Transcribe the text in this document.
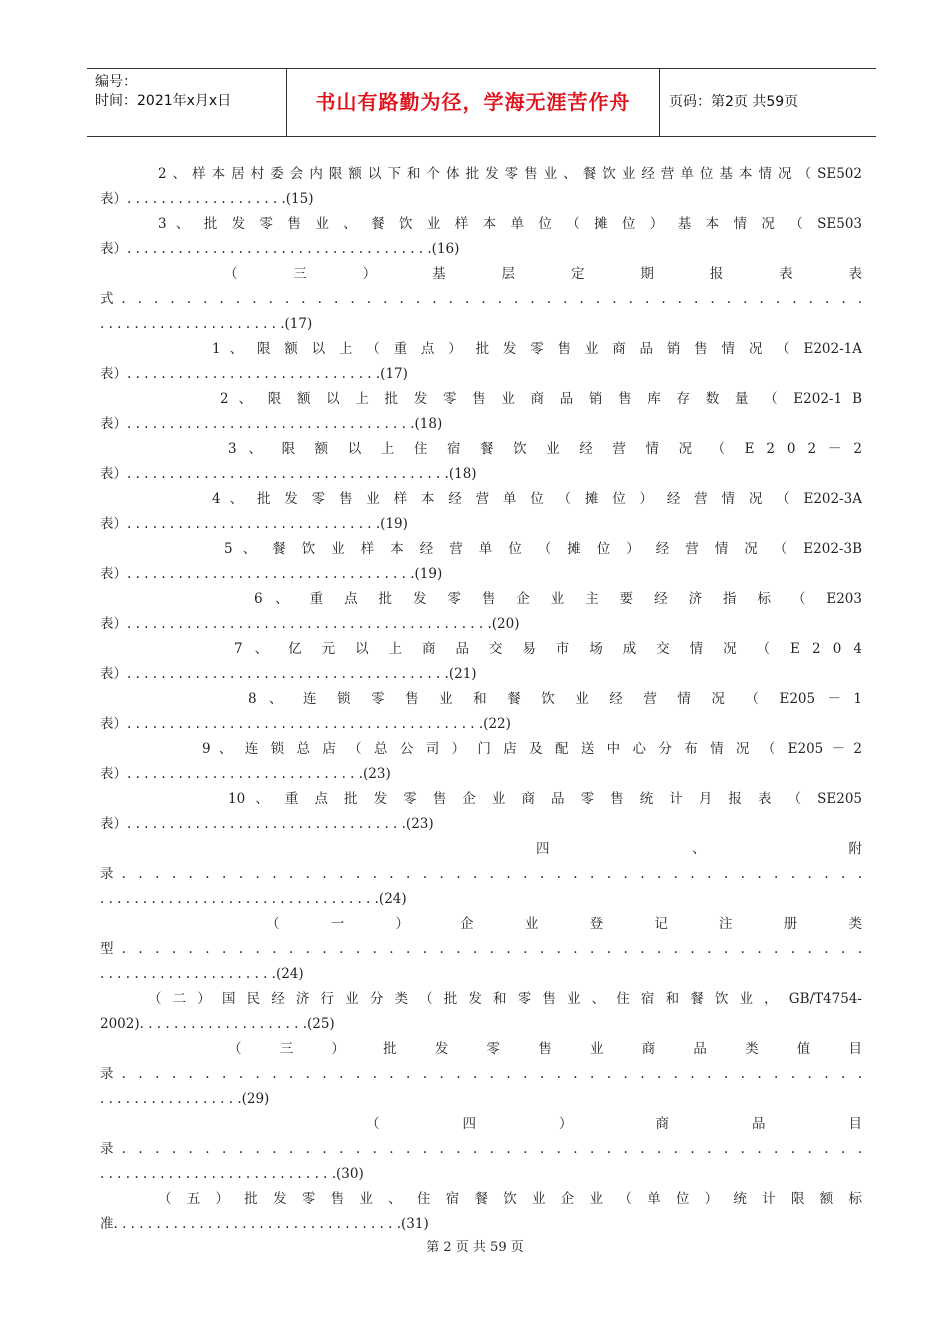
编号：
时间：2021年x月x日	书山有路勤为径，学海无涯苦作舟	页码：第2页 共59页
2、样本居村委会内限额以下和个体批发零售业、餐饮业经营单位基本情况（SE502
表）. . . . . . . . . . . . . . . . . . .(15)
3 、 批 发 零 售 业 、 餐 饮 业 样 本 单 位 （ 摊 位 ） 基 本 情 况 （ SE503
表）. . . . . . . . . . . . . . . . . . . . . . . . . . . . . . . . . . . .(16)
（ 三 ） 基 层 定 期 报 表 表
式. . . . . . . . . . . . . . . . . . . . . . . . . . . . . . . . . . . . . . . . . . . . . .
. . . . . . . . . . . . . . . . . . . . . .(17)
1 、 限 额 以 上 （ 重 点 ） 批 发 零 售 业 商 品 销 售 情 况 （ E202-1A
表）. . . . . . . . . . . . . . . . . . . . . . . . . . . . . .(17)
2 、 限 额 以 上 批 发 零 售 业 商 品 销 售 库 存 数 量 （ E202-1 B
表）. . . . . . . . . . . . . . . . . . . . . . . . . . . . . . . . . .(18)
3 、 限 额 以 上 住 宿 餐 饮 业 经 营 情 况 （ E 2 0 2 － 2
表）. . . . . . . . . . . . . . . . . . . . . . . . . . . . . . . . . . . . . .(18)
4 、 批 发 零 售 业 样 本 经 营 单 位 （ 摊 位 ） 经 营 情 况 （ E202-3A
表）. . . . . . . . . . . . . . . . . . . . . . . . . . . . . .(19)
5 、 餐 饮 业 样 本 经 营 单 位 （ 摊 位 ） 经 营 情 况 （ E202-3B
表）. . . . . . . . . . . . . . . . . . . . . . . . . . . . . . . . . .(19)
6 、 重 点 批 发 零 售 企 业 主 要 经 济 指 标 （ E203
表）. . . . . . . . . . . . . . . . . . . . . . . . . . . . . . . . . . . . . . . . . . .(20)
7 、 亿 元 以 上 商 品 交 易 市 场 成 交 情 况 （ E 2 0 4
表）. . . . . . . . . . . . . . . . . . . . . . . . . . . . . . . . . . . . . .(21)
8 、 连 锁 零 售 业 和 餐 饮 业 经 营 情 况 （ E205 － 1
表）. . . . . . . . . . . . . . . . . . . . . . . . . . . . . . . . . . . . . . . . . .(22)
9 、 连 锁 总 店 （ 总 公 司 ） 门 店 及 配 送 中 心 分 布 情 况 （ E205 － 2
表）. . . . . . . . . . . . . . . . . . . . . . . . . . . .(23)
10 、 重 点 批 发 零 售 企 业 商 品 零 售 统 计 月 报 表 （ SE205
表）. . . . . . . . . . . . . . . . . . . . . . . . . . . . . . . . .(23)
四 、 附
录. . . . . . . . . . . . . . . . . . . . . . . . . . . . . . . . . . . . . . . . . . . . .
. . . . . . . . . . . . . . . . . . . . . . . . . . . . . . . . .(24)
（ 一 ） 企 业 登 记 注 册 类
型. . . . . . . . . . . . . . . . . . . . . . . . . . . . . . . . . . . . . . . . . . . . .
. . . . . . . . . . . . . . . . . . . . .(24)
（二）国民经济行业分类（批发和零售业、住宿和餐饮业，GB/T4754-
2002). . . . . . . . . . . . . . . . . . . .(25)
（ 三 ） 批 发 零 售 业 商 品 类 值 目
录. . . . . . . . . . . . . . . . . . . . . . . . . . . . . . . . . . . . . . . . . . . . .
. . . . . . . . . . . . . . . . .(29)
（ 四 ） 商 品 目
录. . . . . . . . . . . . . . . . . . . . . . . . . . . . . . . . . . . . . . . . . . . . .
. . . . . . . . . . . . . . . . . . . . . . . . . . . .(30)
（五）批发零售业、住宿餐饮业企业（单位）统计限额标
准. . . . . . . . . . . . . . . . . . . . . . . . . . . . . . . . . .(31)
第 2 页 共 59 页
